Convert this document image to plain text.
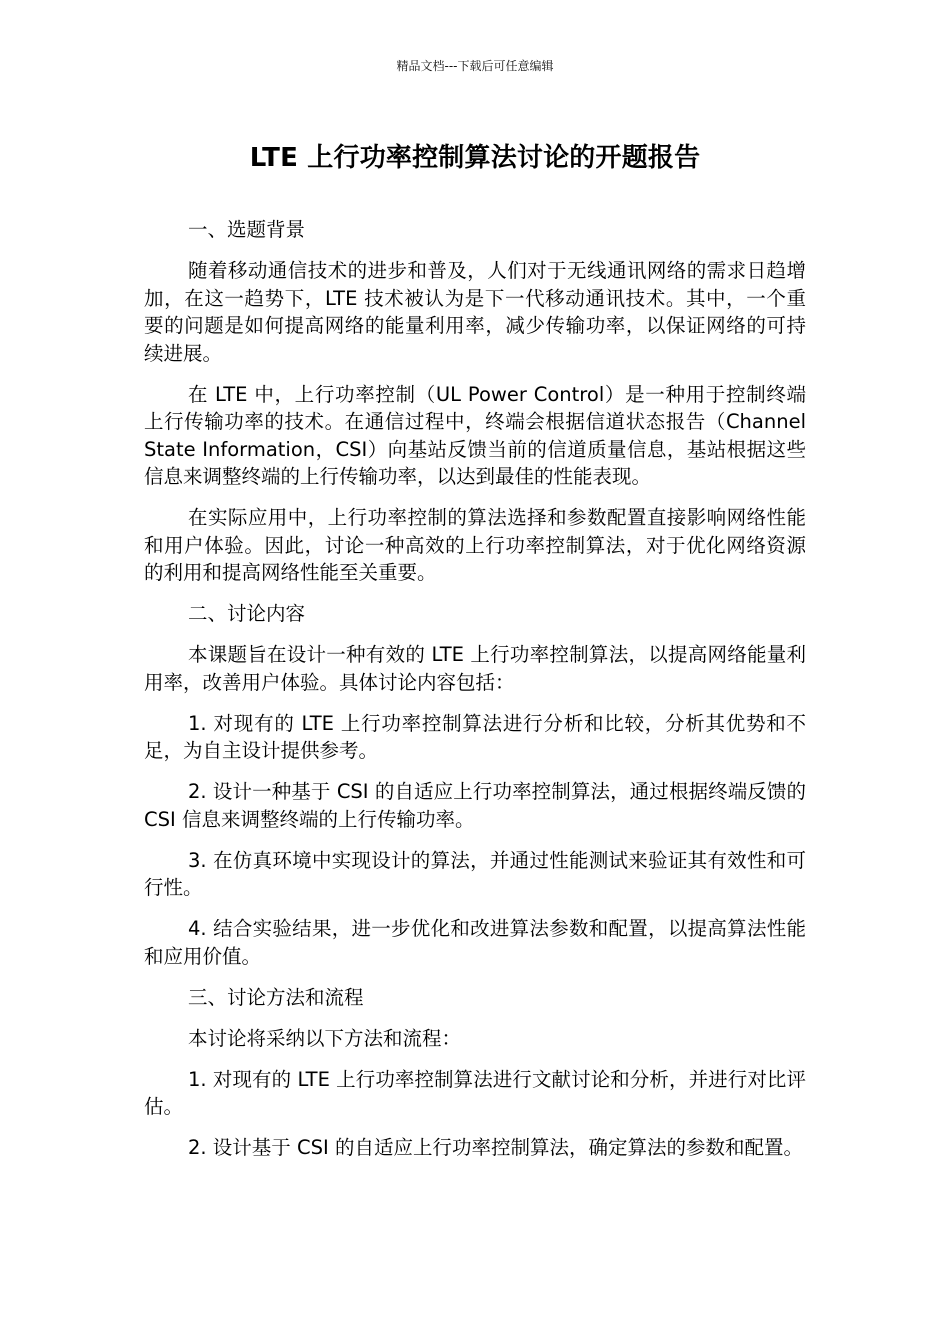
精品文档---下载后可任意编辑
LTE 上行功率控制算法讨论的开题报告

一、选题背景

随着移动通信技术的进步和普及，人们对于无线通讯网络的需求日趋增加，在这一趋势下，LTE 技术被认为是下一代移动通讯技术。其中，一个重要的问题是如何提高网络的能量利用率，减少传输功率，以保证网络的可持续进展。

在 LTE 中，上行功率控制（UL Power Control）是一种用于控制终端上行传输功率的技术。在通信过程中，终端会根据信道状态报告（Channel State Information，CSI）向基站反馈当前的信道质量信息，基站根据这些信息来调整终端的上行传输功率，以达到最佳的性能表现。

在实际应用中，上行功率控制的算法选择和参数配置直接影响网络性能和用户体验。因此，讨论一种高效的上行功率控制算法，对于优化网络资源的利用和提高网络性能至关重要。

二、讨论内容

本课题旨在设计一种有效的 LTE 上行功率控制算法，以提高网络能量利用率，改善用户体验。具体讨论内容包括：

1. 对现有的 LTE 上行功率控制算法进行分析和比较，分析其优势和不足，为自主设计提供参考。

2. 设计一种基于 CSI 的自适应上行功率控制算法，通过根据终端反馈的 CSI 信息来调整终端的上行传输功率。

3. 在仿真环境中实现设计的算法，并通过性能测试来验证其有效性和可行性。

4. 结合实验结果，进一步优化和改进算法参数和配置，以提高算法性能和应用价值。

三、讨论方法和流程

本讨论将采纳以下方法和流程：

1. 对现有的 LTE 上行功率控制算法进行文献讨论和分析，并进行对比评估。

2. 设计基于 CSI 的自适应上行功率控制算法，确定算法的参数和配置。
